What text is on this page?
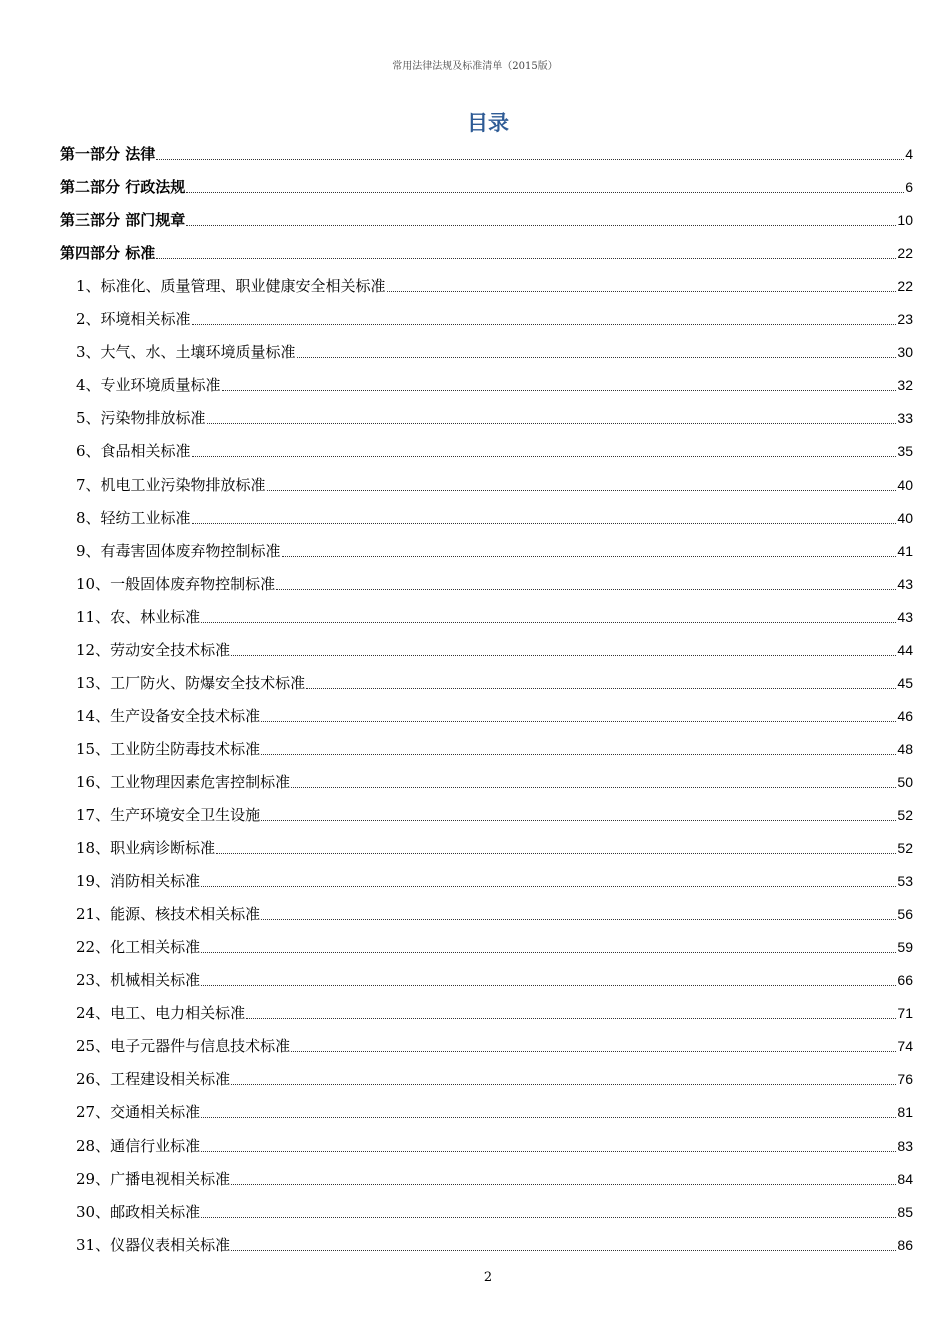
常用法律法规及标准清单（2015版）
目录
第一部分 法律	4
第二部分 行政法规	6
第三部分 部门规章	10
第四部分 标准	22
1、标准化、质量管理、职业健康安全相关标准	22
2、环境相关标准	23
3、大气、水、土壤环境质量标准	30
4、专业环境质量标准	32
5、污染物排放标准	33
6、食品相关标准	35
7、机电工业污染物排放标准	40
8、轻纺工业标准	40
9、有毒害固体废弃物控制标准	41
10、一般固体废弃物控制标准	43
11、农、林业标准	43
12、劳动安全技术标准	44
13、工厂防火、防爆安全技术标准	45
14、生产设备安全技术标准	46
15、工业防尘防毒技术标准	48
16、工业物理因素危害控制标准	50
17、生产环境安全卫生设施	52
18、职业病诊断标准	52
19、消防相关标准	53
21、能源、核技术相关标准	56
22、化工相关标准	59
23、机械相关标准	66
24、电工、电力相关标准	71
25、电子元器件与信息技术标准	74
26、工程建设相关标准	76
27、交通相关标准	81
28、通信行业标准	83
29、广播电视相关标准	84
30、邮政相关标准	85
31、仪器仪表相关标准	86
2
